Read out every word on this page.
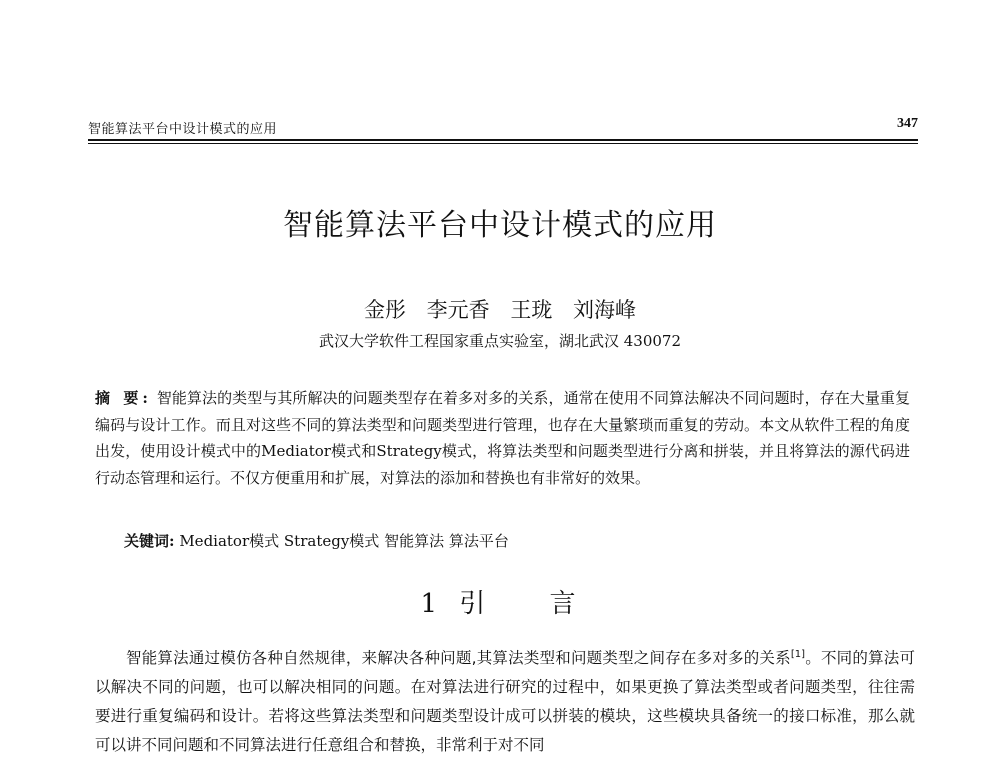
智能算法平台中设计模式的应用	347
智能算法平台中设计模式的应用
金彤 李元香 王珑 刘海峰
武汉大学软件工程国家重点实验室，湖北武汉 430072
摘 要: 智能算法的类型与其所解决的问题类型存在着多对多的关系，通常在使用不同算法解决不同问题时，存在大量重复编码与设计工作。而且对这些不同的算法类型和问题类型进行管理，也存在大量繁琐而重复的劳动。本文从软件工程的角度出发，使用设计模式中的Mediator模式和Strategy模式，将算法类型和问题类型进行分离和拼装，并且将算法的源代码进行动态管理和运行。不仅方便重用和扩展，对算法的添加和替换也有非常好的效果。
关键词: Mediator模式 Strategy模式 智能算法 算法平台
1 引 言
智能算法通过模仿各种自然规律，来解决各种问题,其算法类型和问题类型之间存在多对多的关系[1]。不同的算法可以解决不同的问题，也可以解决相同的问题。在对算法进行研究的过程中，如果更换了算法类型或者问题类型，往往需要进行重复编码和设计。若将这些算法类型和问题类型设计成可以拼装的模块，这些模块具备统一的接口标准，那么就可以讲不同问题和不同算法进行任意组合和替换，非常利于对不同
